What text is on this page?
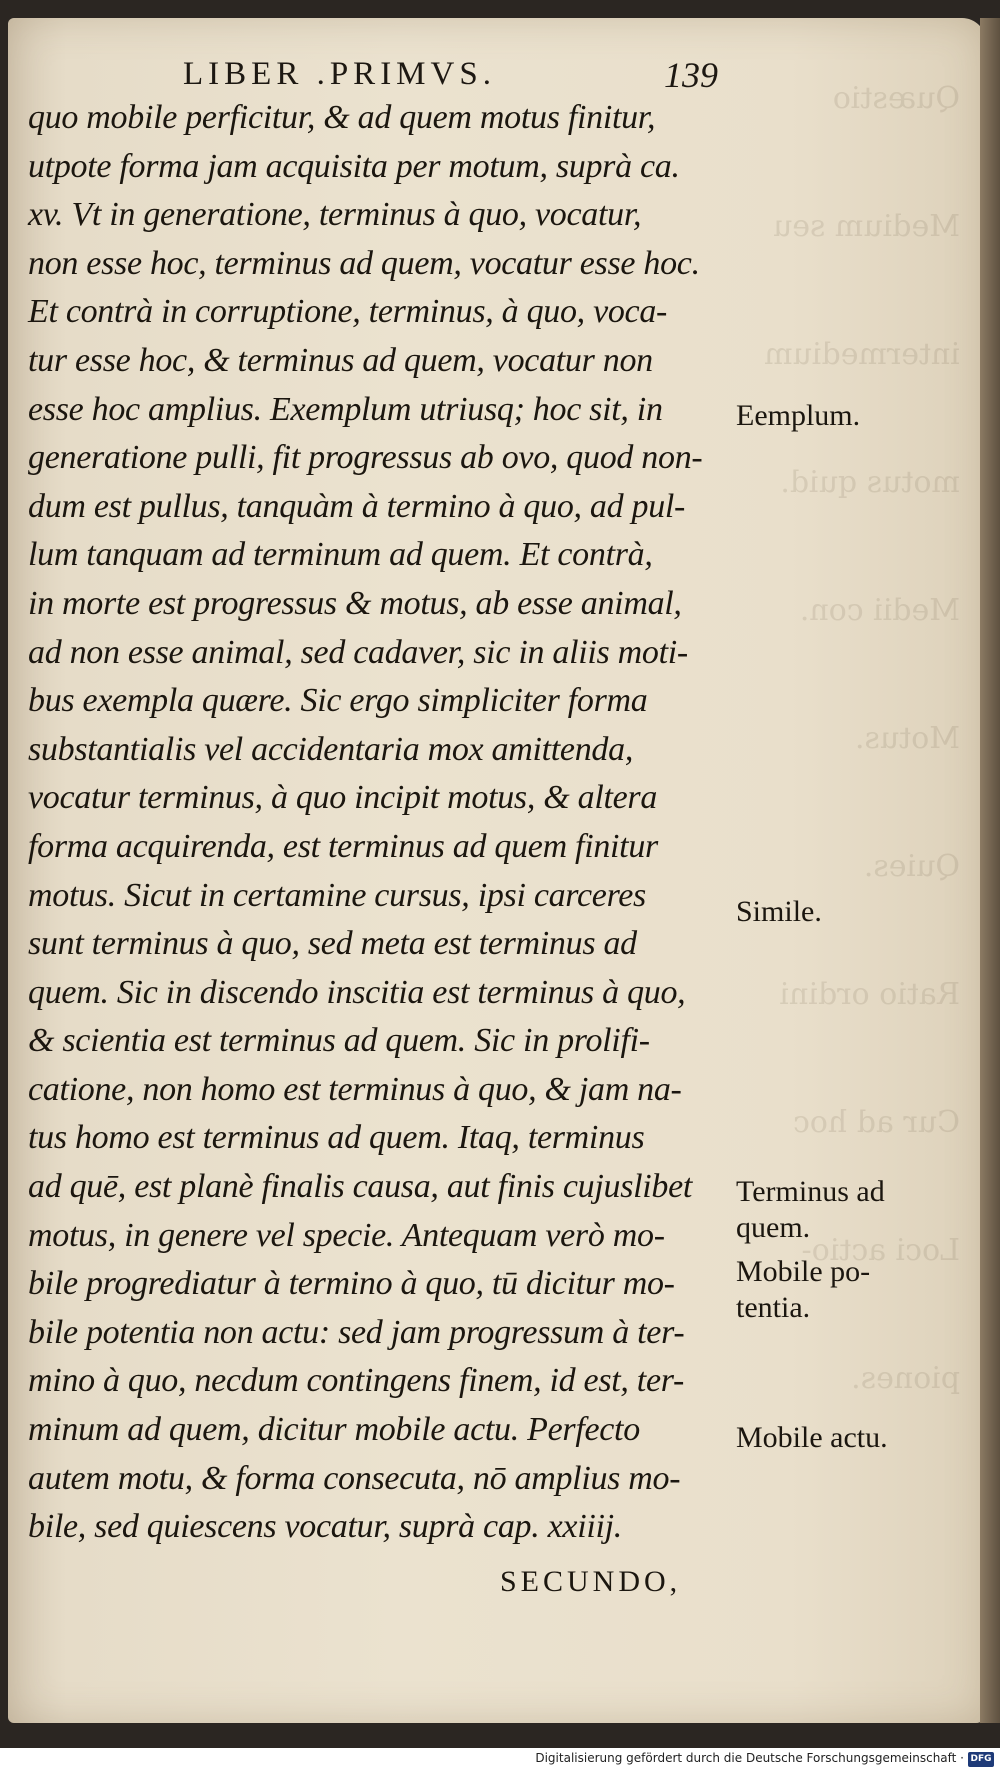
Quæstio
Medium seu
intermedium
motus quid.
Medii con.
Motus.
Quies.
Ratio ordini
Cur ad hoc
Loci actio-
piones.
LIBER .PRIMVS.	139
quo mobile perficitur, & ad quem motus finitur,
utpote forma jam acquisita per motum, suprà ca.
xv. Vt in generatione, terminus à quo, vocatur,
non esse hoc, terminus ad quem, vocatur esse hoc.
Et contrà in corruptione, terminus, à quo, voca-
tur esse hoc, & terminus ad quem, vocatur non
esse hoc amplius. Exemplum utriusq; hoc sit, in
generatione pulli, fit progressus ab ovo, quod non-
dum est pullus, tanquàm à termino à quo, ad pul-
lum tanquam ad terminum ad quem. Et contrà,
in morte est progressus & motus, ab esse animal,
ad non esse animal, sed cadaver, sic in aliis moti-
bus exempla quære. Sic ergo simpliciter forma
substantialis vel accidentaria mox amittenda,
vocatur terminus, à quo incipit motus, & altera
forma acquirenda, est terminus ad quem finitur
motus. Sicut in certamine cursus, ipsi carceres
sunt terminus à quo, sed meta est terminus ad
quem. Sic in discendo inscitia est terminus à quo,
& scientia est terminus ad quem. Sic in prolifi-
catione, non homo est terminus à quo, & jam na-
tus homo est terminus ad quem. Itaq, terminus
ad quē, est planè finalis causa, aut finis cujuslibet
motus, in genere vel specie. Antequam verò mo-
bile progrediatur à termino à quo, tū dicitur mo-
bile potentia non actu: sed jam progressum à ter-
mino à quo, necdum contingens finem, id est, ter-
minum ad quem, dicitur mobile actu. Perfecto
autem motu, & forma consecuta, nō amplius mo-
bile, sed quiescens vocatur, suprà cap. xxiiij.
SECUNDO,
Eemplum.
Simile.
Terminus ad
quem.
Mobile po-
tentia.
Mobile actu.
Digitalisierung gefördert durch die Deutsche Forschungsgemeinschaft · DFG
